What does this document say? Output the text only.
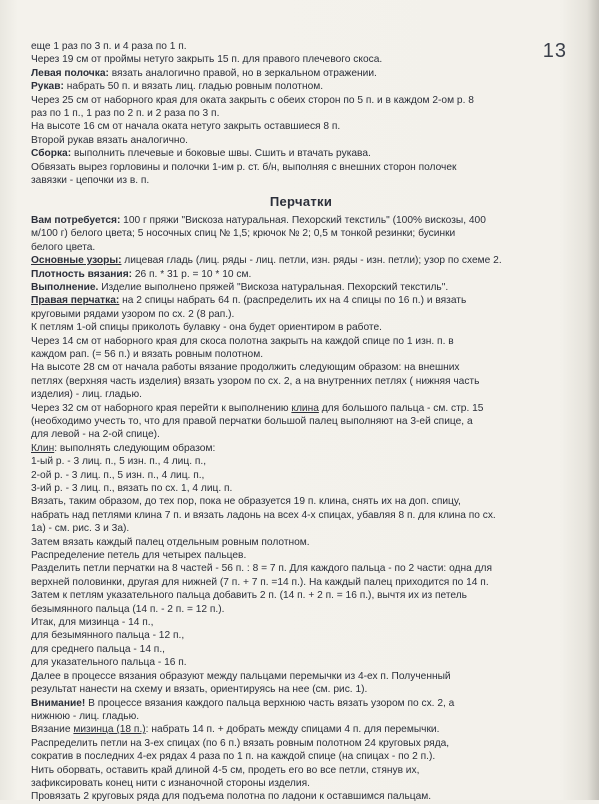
13
еще 1 раз по 3 п. и 4 раза по 1 п.
Через 19 см от проймы нетуго закрыть 15 п. для правого плечевого скоса.
Левая полочка: вязать аналогично правой, но в зеркальном отражении.
Рукав: набрать 50 п. и вязать лиц. гладью ровным полотном.
Через 25 см от наборного края для оката закрыть с обеих сторон по 5 п. и в каждом 2-ом р. 8
раз по 1 п., 1 раз по 2 п. и 2 раза по 3 п.
На высоте 16 см от начала оката нетуго закрыть оставшиеся 8 п.
Второй рукав вязать аналогично.
Сборка: выполнить плечевые и боковые швы. Сшить и втачать рукава.
Обвязать вырез горловины и полочки 1-им р. ст. б/н, выполняя с внешних сторон полочек
завязки - цепочки из в. п.
Перчатки
Вам потребуется: 100 г пряжи "Вискоза натуральная. Пехорский текстиль" (100% вискозы, 400
м/100 г) белого цвета; 5 носочных спиц № 1,5; крючок № 2; 0,5 м тонкой резинки; бусинки
белого цвета.
Основные узоры: лицевая гладь (лиц. ряды - лиц. петли, изн. ряды - изн. петли); узор по схеме 2.
Плотность вязания: 26 п. * 31 р. = 10 * 10 см.
Выполнение. Изделие выполнено пряжей "Вискоза натуральная. Пехорский текстиль".
Правая перчатка: на 2 спицы набрать 64 п. (распределить их на 4 спицы по 16 п.) и вязать
круговыми рядами узором по сх. 2 (8 рап.).
К петлям 1-ой спицы приколоть булавку - она будет ориентиром в работе.
Через 14 см от наборного края для скоса полотна закрыть на каждой спице по 1 изн. п. в
каждом рап. (= 56 п.) и вязать ровным полотном.
На высоте 28 см от начала работы вязание продолжить следующим образом: на внешних
петлях (верхняя часть изделия) вязать узором по сх. 2, а на внутренних петлях ( нижняя часть
изделия) - лиц. гладью.
Через 32 см от наборного края перейти к выполнению клина для большого пальца - см. стр. 15
(необходимо учесть то, что для правой перчатки большой палец выполняют на 3-ей спице, а
для левой - на 2-ой спице).
Клин: выполнять следующим образом:
1-ый р. - 3 лиц. п., 5 изн. п., 4 лиц. п.,
2-ой р. - 3 лиц. п., 5 изн. п., 4 лиц. п.,
3-ий р. - 3 лиц. п., вязать по сх. 1, 4 лиц. п.
Вязать, таким образом, до тех пор, пока не образуется 19 п. клина, снять их на доп. спицу,
набрать над петлями клина 7 п. и вязать ладонь на всех 4-х спицах, убавляя 8 п. для клина по сх.
1а) - см. рис. 3 и 3а).
Затем вязать каждый палец отдельным ровным полотном.
Распределение петель для четырех пальцев.
Разделить петли перчатки на 8 частей - 56 п. : 8 = 7 п. Для каждого пальца - по 2 части: одна для
верхней половинки, другая для нижней (7 п. + 7 п. =14 п.). На каждый палец приходится по 14 п.
Затем к петлям указательного пальца добавить 2 п. (14 п. + 2 п. = 16 п.), вычтя их из петель
безымянного пальца (14 п. - 2 п. = 12 п.).
Итак, для мизинца - 14 п.,
для безымянного пальца - 12 п.,
для среднего пальца - 14 п.,
для указательного пальца - 16 п.
Далее в процессе вязания образуют между пальцами перемычки из 4-ех п. Полученный
результат нанести на схему и вязать, ориентируясь на нее (см. рис. 1).
Внимание! В процессе вязания каждого пальца верхнюю часть вязать узором по сх. 2, а
нижнюю - лиц. гладью.
Вязание мизинца (18 п.): набрать 14 п. + добрать между спицами 4 п. для перемычки.
Распределить петли на 3-ех спицах (по 6 п.) вязать ровным полотном 24 круговых ряда,
сократив в последних 4-ех рядах 4 раза по 1 п. на каждой спице (на спицах - по 2 п.).
Нить оборвать, оставить край длиной 4-5 см, продеть его во все петли, стянув их,
зафиксировать конец нити с изнаночной стороны изделия.
Провязать 2 круговых ряда для подъема полотна по ладони к оставшимся пальцам.
